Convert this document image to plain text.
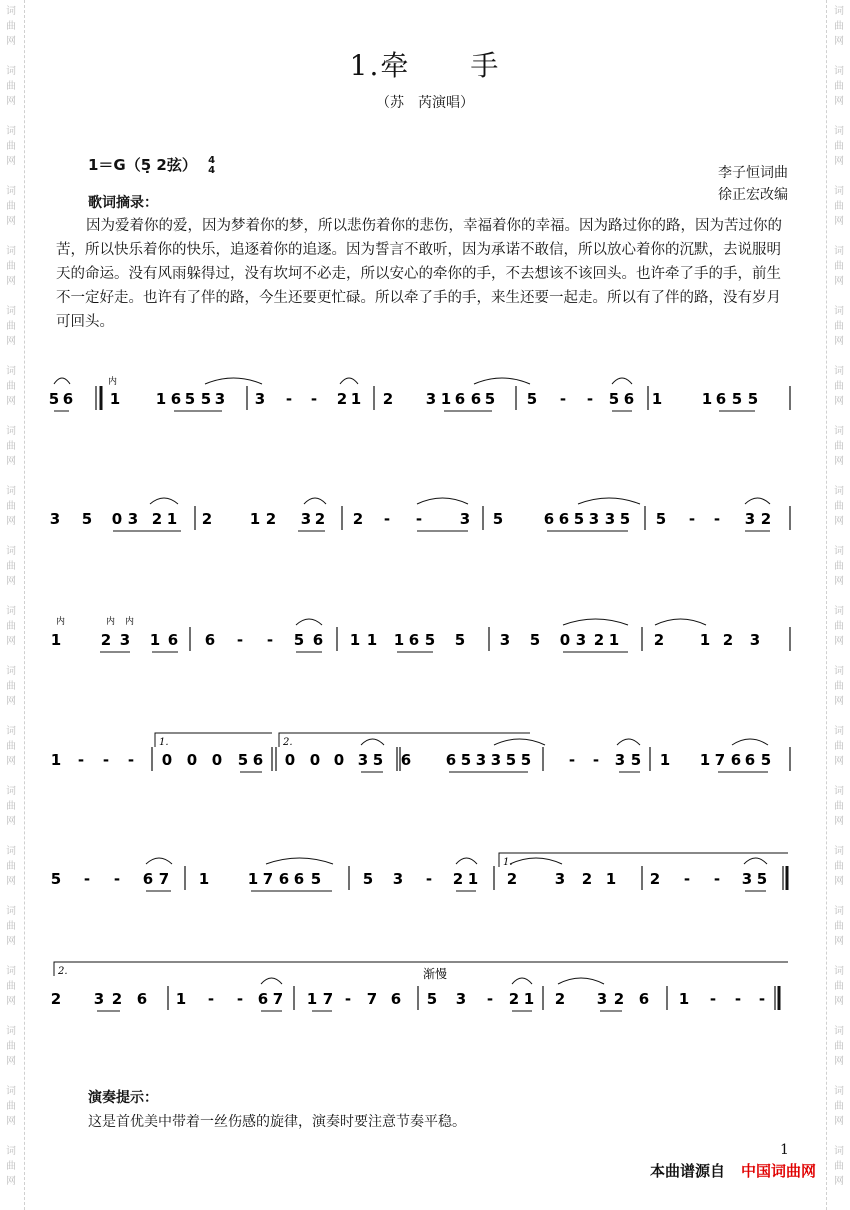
词
曲
网
词
曲
网
词
曲
网
词
曲
网
词
曲
网
词
曲
网
词
曲
网
词
曲
网
词
曲
网
词
曲
网
词
曲
网
词
曲
网
词
曲
网
词
曲
网
词
曲
网
词
曲
网
词
曲
网
词
曲
网
词
曲
网
词
曲
网
词
曲
网
词
曲
网
词
曲
网
词
曲
网
词
曲
网
词
曲
网
词
曲
网
词
曲
网
词
曲
网
词
曲
网
词
曲
网
词
曲
网
词
曲
网
词
曲
网
词
曲
网
词
曲
网
词
曲
网
词
曲
网
词
曲
网
词
曲
网
1.牵　　手
（苏　芮演唱）
1＝G（5̣ 2弦） 4
4	李子恒词曲
徐正宏改编
歌词摘录：
因为爱着你的爱，因为梦着你的梦，所以悲伤着你的悲伤，幸福着你的幸福。因为路过你的路，因为苦过你的苦，所以快乐着你的快乐，追逐着你的追逐。因为誓言不敢听，因为承诺不敢信，所以放心着你的沉默，去说服明天的命运。没有风雨躲得过，没有坎坷不必走，所以安心的牵你的手，不去想该不该回头。也许牵了手的手，前生不一定好走。也许有了伴的路，今生还要更忙碌。所以牵了手的手，来生还要一起走。所以有了伴的路，没有岁月可回头。
5 6 1 1 6 5 5 3 3 - - 2 1 2 3 1 6 6 5 5 - - 5 6 1	1 6 5 5
3 5 0 3 2 1 2	1 2 3 2 2 - -	3 5	6 6 5 3 3 5 5 - - 3 2
1	2 3 1 6 6 - - 5 6 1 1 1 6 5 5 3 5 0 3 2 1 2 1 2 3
1 - - - 0 0 0 5 6 0 0 0 3 5 6 6 5 3 3 5 5	- - 3 5 1 1 7 6 6 5
5 - - 6 7 1	1 7 6 6 5	5 3 - 2 1 2	3 2 1 2 - - 3 5
2 3 2 6 1 - - 6 7 1 7 - 7 6 5 3 - 2 1 2 3 2 6 1 - - -
1.	2.
1.
2.	渐慢
内
内	内 内
演奏提示：
这是首优美中带着一丝伤感的旋律，演奏时要注意节奏平稳。
1
本曲谱源自 中国词曲网
